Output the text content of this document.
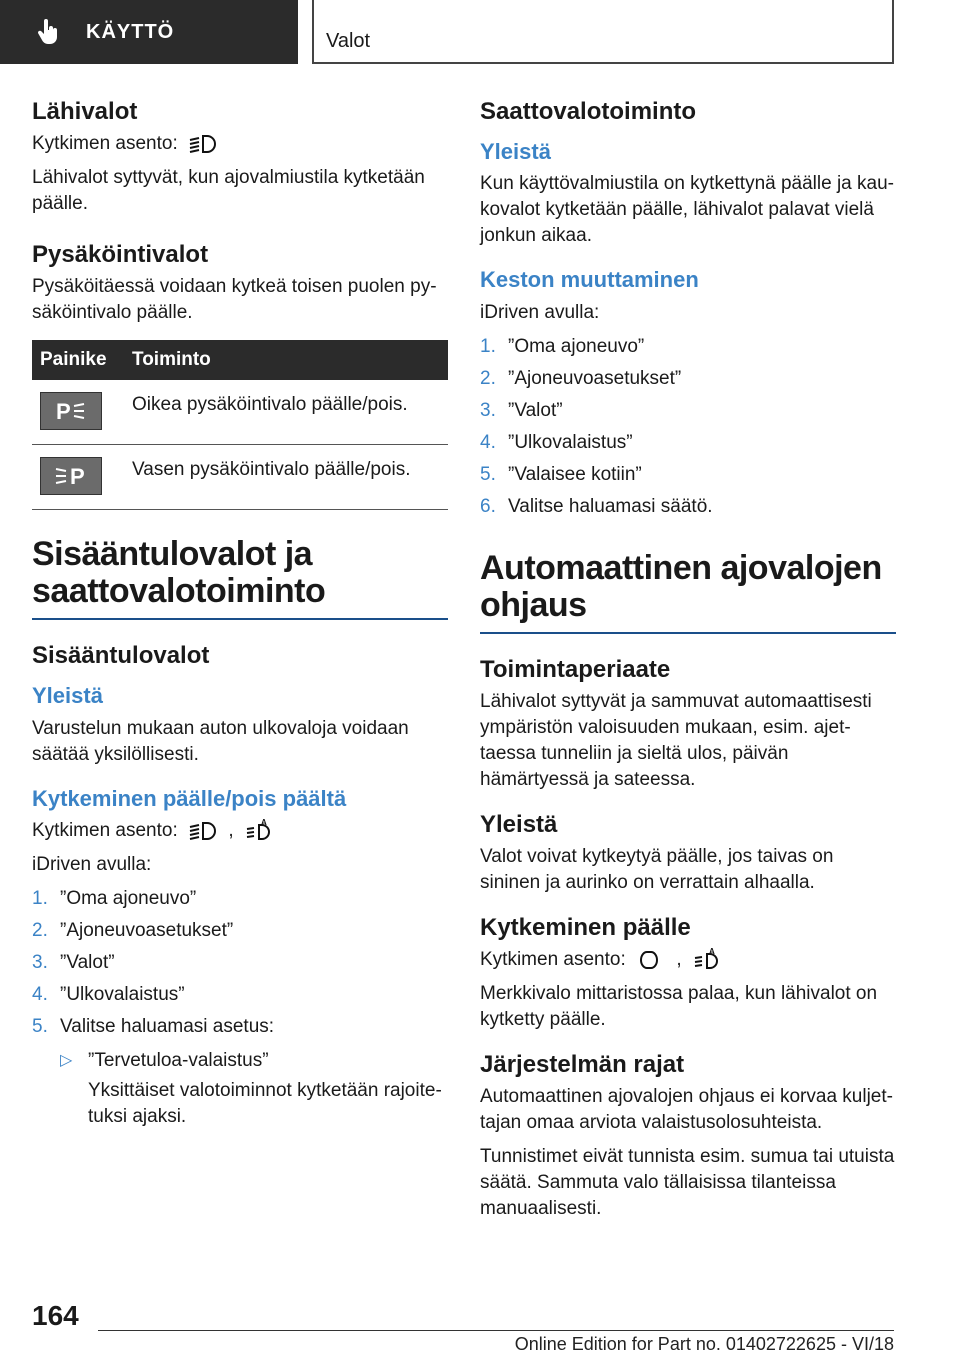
KÄYTTÖ	Valot
Lähivalot

Kytkimen asento:

Lähivalot syttyvät, kun ajovalmiustila kytketään päälle.

Pysäköintivalot

Pysäköitäessä voidaan kytkeä toisen puolen pysäköintivalo päälle.

Painike	Toiminto

P	Oikea pysäköintivalo päälle/pois.

P	Vasen pysäköintivalo päälle/pois.
Sisääntulovalot ja saattovalotoiminto
Sisääntulovalot
Yleistä

Varustelun mukaan auton ulkovaloja voidaan säätää yksilöllisesti.

Kytkeminen päälle/pois päältä

Kytkimen asento:	,	A

iDriven avulla:

1. ”Oma ajoneuvo”
2. ”Ajoneuvoasetukset”
3. ”Valot”
4. ”Ulkovalaistus”
5. Valitse haluamasi asetus:
▷ ”Tervetuloa-valaistus”
Yksittäiset valotoiminnot kytketään rajoitetuksi ajaksi.
Saattovalotoiminto
Yleistä

Kun käyttövalmiustila on kytkettynä päälle ja kaukovalot kytketään päälle, lähivalot palavat vielä jonkun aikaa.

Keston muuttaminen

iDriven avulla:

1. ”Oma ajoneuvo”
2. ”Ajoneuvoasetukset”
3. ”Valot”
4. ”Ulkovalaistus”
5. ”Valaisee kotiin”
6. Valitse haluamasi säätö.
Automaattinen ajovalojen ohjaus
Toimintaperiaate

Lähivalot syttyvät ja sammuvat automaattisesti ympäristön valoisuuden mukaan, esim. ajettaessa tunneliin ja sieltä ulos, päivän hämärtyessä ja sateessa.

Yleistä

Valot voivat kytkeytyä päälle, jos taivas on sininen ja aurinko on verrattain alhaalla.

Kytkeminen päälle

Kytkimen asento:	,	A

Merkkivalo mittaristossa palaa, kun lähivalot on kytketty päälle.

Järjestelmän rajat

Automaattinen ajovalojen ohjaus ei korvaa kuljettajan omaa arviota valaistusolosuhteista.

Tunnistimet eivät tunnista esim. sumua tai utuista säätä. Sammuta valo tällaisissa tilanteissa manuaalisesti.

164
Online Edition for Part no. 01402722625 - VI/18
